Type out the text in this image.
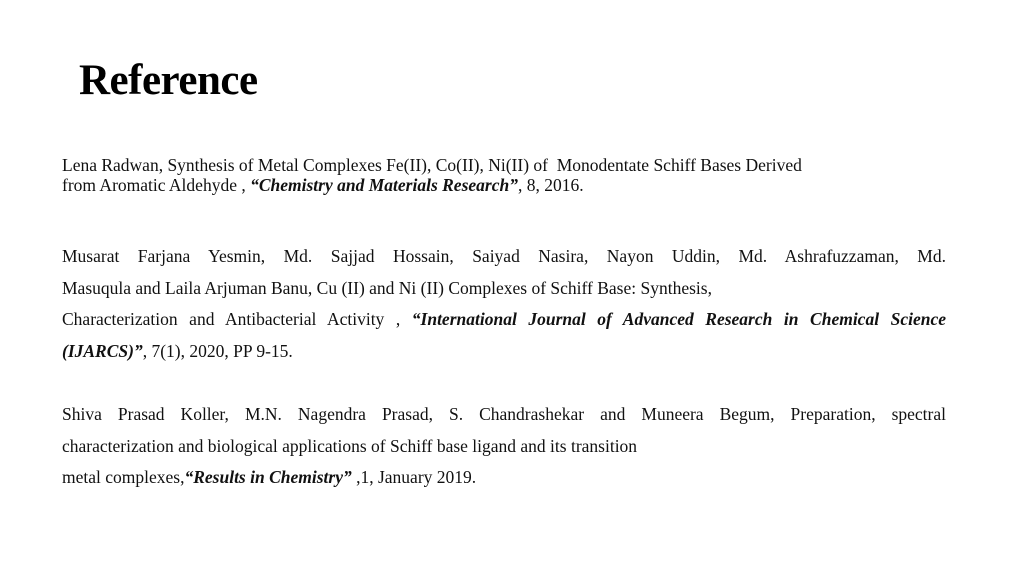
Reference

Lena Radwan, Synthesis of Metal Complexes Fe(II), Co(II), Ni(II) of  Monodentate Schiff Bases Derived
from Aromatic Aldehyde , “Chemistry and Materials Research”, 8, 2016.

Musarat Farjana Yesmin, Md. Sajjad Hossain, Saiyad Nasira, Nayon Uddin, Md. Ashrafuzzaman, Md.
Masuqula and Laila Arjuman Banu, Cu (II) and Ni (II) Complexes of Schiff Base: Synthesis,
Characterization and Antibacterial Activity , “International Journal of Advanced Research in Chemical Science (IJARCS)”, 7(1), 2020, PP 9-15.

Shiva Prasad Koller, M.N. Nagendra Prasad, S. Chandrashekar and Muneera Begum, Preparation, spectral
characterization and biological applications of Schiff base ligand and its transition
metal complexes,“Results in Chemistry” ,1, January 2019.
